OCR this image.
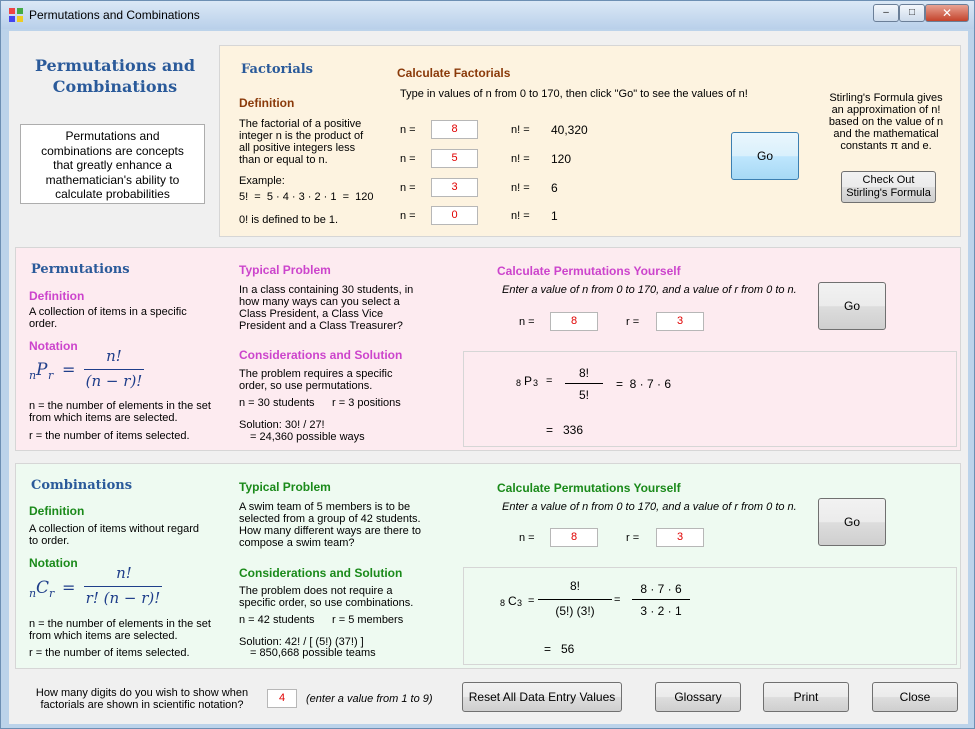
Permutations and Combinations	‒	□	✕
Permutations and
Combinations
Permutations and
combinations are concepts
that greatly enhance a
mathematician's ability to
calculate probabilities
Factorials
Definition
The factorial of a positive
integer n is the product of
all positive integers less
than or equal to n.
Example:
5!  =  5 · 4 · 3 · 2 · 1  =  120
0! is defined to be 1.
Calculate Factorials
Type in values of n from 0 to 170, then click "Go" to see the values of n!
n =	8	n! = 40,320
n =	5	n! = 120
n =	3	n! = 6
n =	0	n! = 1
Go
Stirling's Formula gives
an approximation of n!
based on the value of n
and the mathematical
constants π and e.
Check Out
Stirling's Formula
Permutations
Definition
A collection of items in a specific
order.
Notation
n P r =
n!
(n − r)!
n = the number of elements in the set
from which items are selected.
r = the number of items selected.
Typical Problem
In a class containing 30 students, in
how many ways can you select a
Class President, a Class Vice
President and a Class Treasurer?
Considerations and Solution
The problem requires a specific
order, so use permutations.
n = 30 students r = 3 positions
Solution: 30! / 27!
= 24,360 possible ways
Calculate Permutations Yourself
Enter a value of n from 0 to 170, and a value of r from 0 to n.
n =	8	r =	3
Go
8 P 3 =
8!
5!
=  8 · 7 · 6
=   336
Combinations
Definition
A collection of items without regard
to order.
Notation
n C r =
n!
r! (n − r)!
n = the number of elements in the set
from which items are selected.
r = the number of items selected.
Typical Problem
A swim team of 5 members is to be
selected from a group of 42 students.
How many different ways are there to
compose a swim team?
Considerations and Solution
The problem does not require a
specific order, so use combinations.
n = 42 students r = 5 members
Solution: 42! / [ (5!) (37!) ]
= 850,668 possible teams
Calculate Permutations Yourself
Enter a value of n from 0 to 170, and a value of r from 0 to n.
n =	8	r =	3
Go
8 C 3 =
8!
(5!) (3!)
=
8 · 7 · 6
3 · 2 · 1
=   56
How many digits do you wish to show when
factorials are shown in scientific notation?
4	(enter a value from 1 to 9)	Reset All Data Entry Values	Glossary	Print	Close
